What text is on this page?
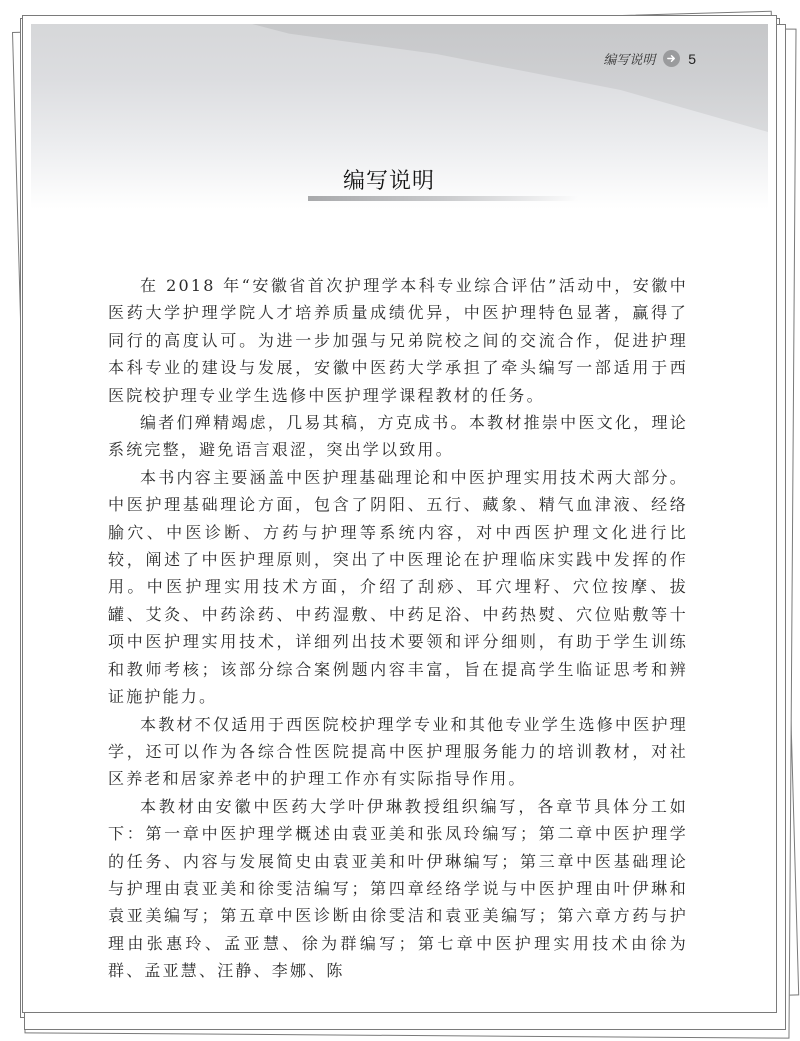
编写说明 5
编写说明

在 2018 年“安徽省首次护理学本科专业综合评估”活动中，安徽中医药大学护理学院人才培养质量成绩优异，中医护理特色显著，赢得了同行的高度认可。为进一步加强与兄弟院校之间的交流合作，促进护理本科专业的建设与发展，安徽中医药大学承担了牵头编写一部适用于西医院校护理专业学生选修中医护理学课程教材的任务。

编者们殚精竭虑，几易其稿，方克成书。本教材推崇中医文化，理论系统完整，避免语言艰涩，突出学以致用。

本书内容主要涵盖中医护理基础理论和中医护理实用技术两大部分。中医护理基础理论方面，包含了阴阳、五行、藏象、精气血津液、经络腧穴、中医诊断、方药与护理等系统内容，对中西医护理文化进行比较，阐述了中医护理原则，突出了中医理论在护理临床实践中发挥的作用。中医护理实用技术方面，介绍了刮痧、耳穴埋籽、穴位按摩、拔罐、艾灸、中药涂药、中药湿敷、中药足浴、中药热熨、穴位贴敷等十项中医护理实用技术，详细列出技术要领和评分细则，有助于学生训练和教师考核；该部分综合案例题内容丰富，旨在提高学生临证思考和辨证施护能力。

本教材不仅适用于西医院校护理学专业和其他专业学生选修中医护理学，还可以作为各综合性医院提高中医护理服务能力的培训教材，对社区养老和居家养老中的护理工作亦有实际指导作用。

本教材由安徽中医药大学叶伊琳教授组织编写，各章节具体分工如下：第一章中医护理学概述由袁亚美和张凤玲编写；第二章中医护理学的任务、内容与发展简史由袁亚美和叶伊琳编写；第三章中医基础理论与护理由袁亚美和徐雯洁编写；第四章经络学说与中医护理由叶伊琳和袁亚美编写；第五章中医诊断由徐雯洁和袁亚美编写；第六章方药与护理由张惠玲、孟亚慧、徐为群编写；第七章中医护理实用技术由徐为群、孟亚慧、汪静、李娜、陈
